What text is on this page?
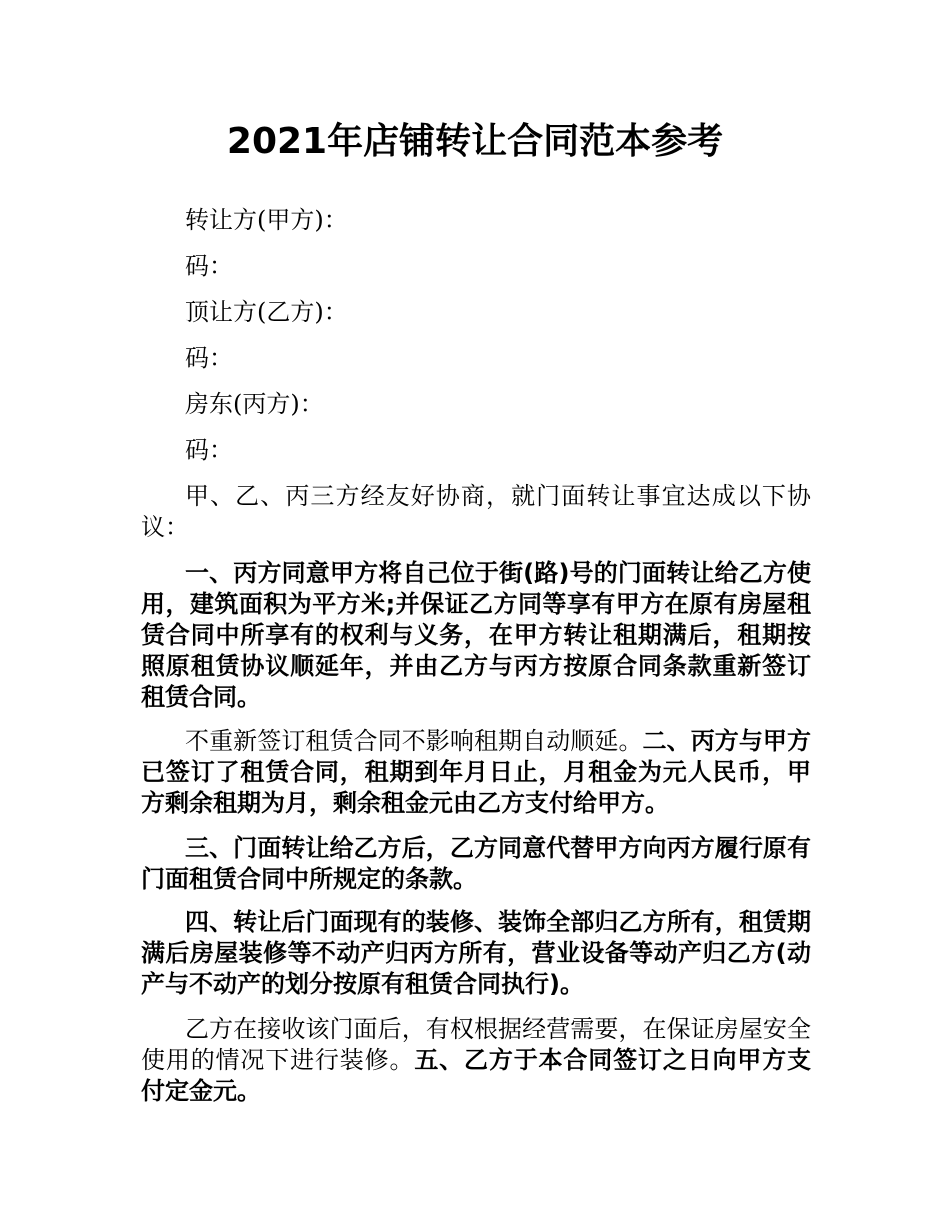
2021年店铺转让合同范本参考

转让方(甲方)：

码：

顶让方(乙方)：

码：

房东(丙方)：

码：

甲、乙、丙三方经友好协商，就门面转让事宜达成以下协议：

一、丙方同意甲方将自己位于街(路)号的门面转让给乙方使用，建筑面积为平方米;并保证乙方同等享有甲方在原有房屋租赁合同中所享有的权利与义务，在甲方转让租期满后，租期按照原租赁协议顺延年，并由乙方与丙方按原合同条款重新签订租赁合同。

不重新签订租赁合同不影响租期自动顺延。二、丙方与甲方已签订了租赁合同，租期到年月日止，月租金为元人民币，甲方剩余租期为月，剩余租金元由乙方支付给甲方。

三、门面转让给乙方后，乙方同意代替甲方向丙方履行原有门面租赁合同中所规定的条款。

四、转让后门面现有的装修、装饰全部归乙方所有，租赁期满后房屋装修等不动产归丙方所有，营业设备等动产归乙方(动产与不动产的划分按原有租赁合同执行)。

乙方在接收该门面后，有权根据经营需要，在保证房屋安全使用的情况下进行装修。五、乙方于本合同签订之日向甲方支付定金元。
